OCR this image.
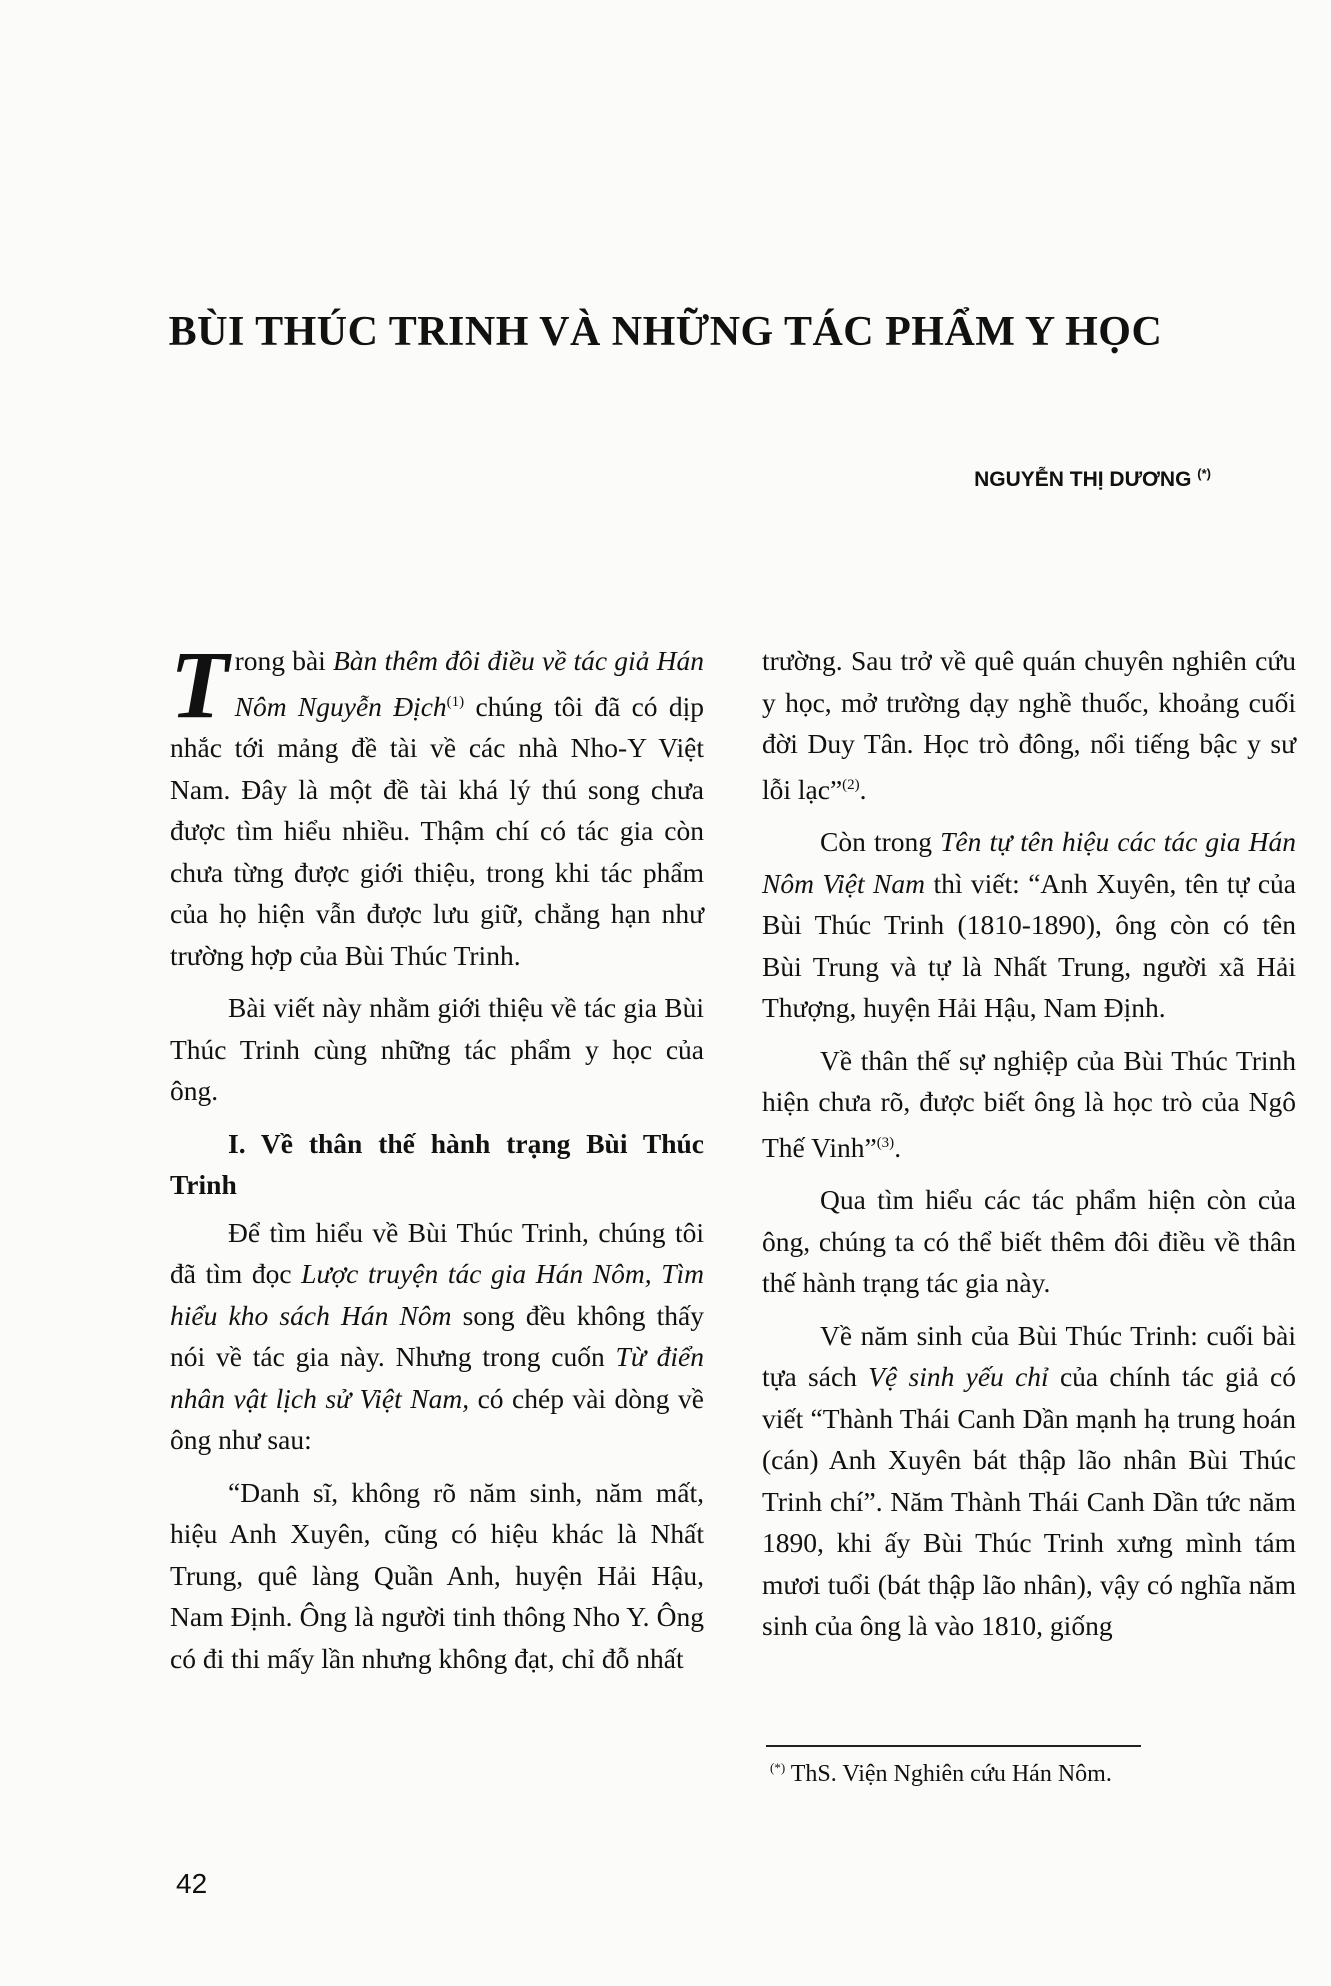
BÙI THÚC TRINH VÀ NHỮNG TÁC PHẨM Y HỌC

NGUYỄN THỊ DƯƠNG (*)

Trong bài Bàn thêm đôi điều về tác giả Hán Nôm Nguyễn Địch$^{(1)}$ chúng tôi đã có dịp nhắc tới mảng đề tài về các nhà Nho-Y Việt Nam. Đây là một đề tài khá lý thú song chưa được tìm hiểu nhiều. Thậm chí có tác gia còn chưa từng được giới thiệu, trong khi tác phẩm của họ hiện vẫn được lưu giữ, chẳng hạn như trường hợp của Bùi Thúc Trinh.

Bài viết này nhằm giới thiệu về tác gia Bùi Thúc Trinh cùng những tác phẩm y học của ông.

I. Về thân thế hành trạng Bùi Thúc Trinh

Để tìm hiểu về Bùi Thúc Trinh, chúng tôi đã tìm đọc Lược truyện tác gia Hán Nôm, Tìm hiểu kho sách Hán Nôm song đều không thấy nói về tác gia này. Nhưng trong cuốn Từ điển nhân vật lịch sử Việt Nam, có chép vài dòng về ông như sau:

“Danh sĩ, không rõ năm sinh, năm mất, hiệu Anh Xuyên, cũng có hiệu khác là Nhất Trung, quê làng Quần Anh, huyện Hải Hậu, Nam Định. Ông là người tinh thông Nho Y. Ông có đi thi mấy lần nhưng không đạt, chỉ đỗ nhất

trường. Sau trở về quê quán chuyên nghiên cứu y học, mở trường dạy nghề thuốc, khoảng cuối đời Duy Tân. Học trò đông, nổi tiếng bậc y sư lỗi lạc”$^{(2)}$.

Còn trong Tên tự tên hiệu các tác gia Hán Nôm Việt Nam thì viết: “Anh Xuyên, tên tự của Bùi Thúc Trinh (1810-1890), ông còn có tên Bùi Trung và tự là Nhất Trung, người xã Hải Thượng, huyện Hải Hậu, Nam Định.

Về thân thế sự nghiệp của Bùi Thúc Trinh hiện chưa rõ, được biết ông là học trò của Ngô Thế Vinh”$^{(3)}$.

Qua tìm hiểu các tác phẩm hiện còn của ông, chúng ta có thể biết thêm đôi điều về thân thế hành trạng tác gia này.

Về năm sinh của Bùi Thúc Trinh: cuối bài tựa sách Vệ sinh yếu chỉ của chính tác giả có viết “Thành Thái Canh Dần mạnh hạ trung hoán (cán) Anh Xuyên bát thập lão nhân Bùi Thúc Trinh chí”. Năm Thành Thái Canh Dần tức năm 1890, khi ấy Bùi Thúc Trinh xưng mình tám mươi tuổi (bát thập lão nhân), vậy có nghĩa năm sinh của ông là vào 1810, giống

(*) ThS. Viện Nghiên cứu Hán Nôm.

42
